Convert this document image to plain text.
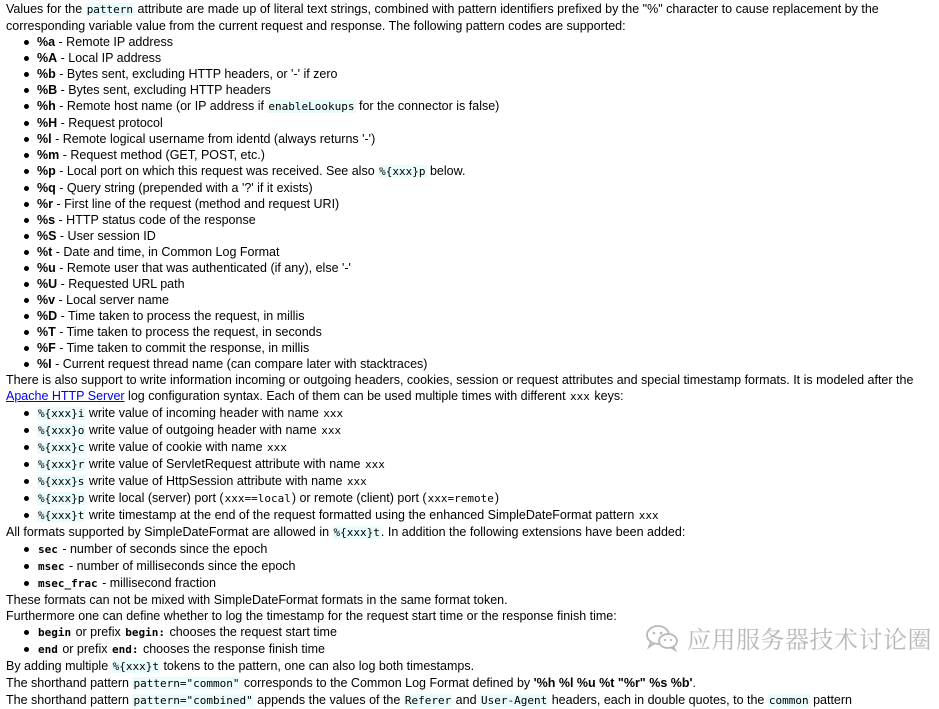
Values for the pattern attribute are made up of literal text strings, combined with pattern identifiers prefixed by the "%" character to cause replacement by the corresponding variable value from the current request and response. The following pattern codes are supported:

%a - Remote IP address
%A - Local IP address
%b - Bytes sent, excluding HTTP headers, or '-' if zero
%B - Bytes sent, excluding HTTP headers
%h - Remote host name (or IP address if enableLookups for the connector is false)
%H - Request protocol
%l - Remote logical username from identd (always returns '-')
%m - Request method (GET, POST, etc.)
%p - Local port on which this request was received. See also %{xxx}p below.
%q - Query string (prepended with a '?' if it exists)
%r - First line of the request (method and request URI)
%s - HTTP status code of the response
%S - User session ID
%t - Date and time, in Common Log Format
%u - Remote user that was authenticated (if any), else '-'
%U - Requested URL path
%v - Local server name
%D - Time taken to process the request, in millis
%T - Time taken to process the request, in seconds
%F - Time taken to commit the response, in millis
%I - Current request thread name (can compare later with stacktraces)

There is also support to write information incoming or outgoing headers, cookies, session or request attributes and special timestamp formats. It is modeled after the Apache HTTP Server log configuration syntax. Each of them can be used multiple times with different xxx keys:

%{xxx}i write value of incoming header with name xxx
%{xxx}o write value of outgoing header with name xxx
%{xxx}c write value of cookie with name xxx
%{xxx}r write value of ServletRequest attribute with name xxx
%{xxx}s write value of HttpSession attribute with name xxx
%{xxx}p write local (server) port (xxx==local) or remote (client) port (xxx=remote)
%{xxx}t write timestamp at the end of the request formatted using the enhanced SimpleDateFormat pattern xxx

All formats supported by SimpleDateFormat are allowed in %{xxx}t. In addition the following extensions have been added:

sec - number of seconds since the epoch
msec - number of milliseconds since the epoch
msec_frac - millisecond fraction

These formats can not be mixed with SimpleDateFormat formats in the same format token.

Furthermore one can define whether to log the timestamp for the request start time or the response finish time:

begin or prefix begin: chooses the request start time
end or prefix end: chooses the response finish time

By adding multiple %{xxx}t tokens to the pattern, one can also log both timestamps.

The shorthand pattern pattern="common" corresponds to the Common Log Format defined by '%h %l %u %t "%r" %s %b'.

The shorthand pattern pattern="combined" appends the values of the Referer and User-Agent headers, each in double quotes, to the common pattern

应用服务器技术讨论圈
